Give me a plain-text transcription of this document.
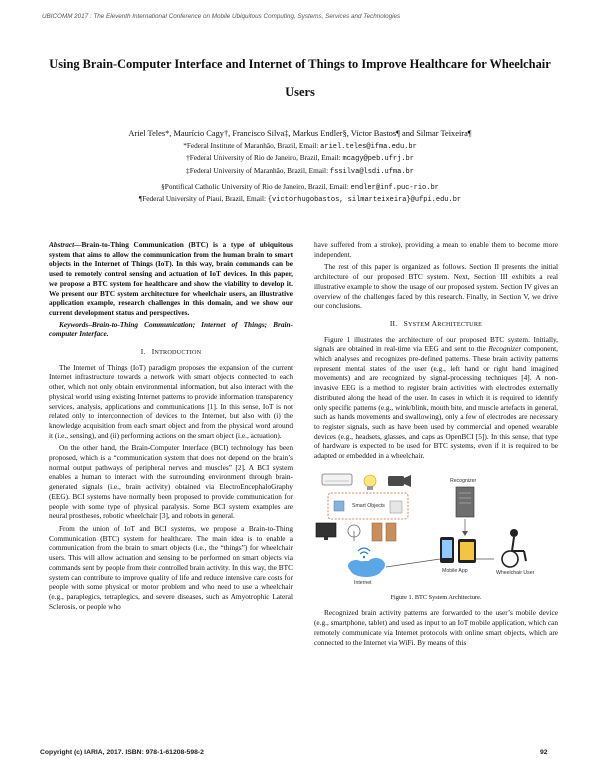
UBICOMM 2017 : The Eleventh International Conference on Mobile Ubiquitous Computing, Systems, Services and Technologies
Using Brain-Computer Interface and Internet of Things to Improve Healthcare for Wheelchair Users
Ariel Teles*, Maurício Cagy†, Francisco Silva‡, Markus Endler§, Victor Bastos¶ and Silmar Teixeira¶
*Federal Institute of Maranhão, Brazil, Email: ariel.teles@ifma.edu.br
†Federal University of Rio de Janeiro, Brazil, Email: mcagy@peb.ufrj.br
‡Federal University of Maranhão, Brazil, Email: fssilva@lsdi.ufma.br
§Pontifical Catholic University of Rio de Janeiro, Brazil, Email: endler@inf.puc-rio.br
¶Federal University of Piauí, Brazil, Email: {victorhugobastos, silmarteixeira}@ufpi.edu.br

Abstract—Brain-to-Thing Communication (BTC) is a type of ubiquitous system that aims to allow the communication from the human brain to smart objects in the Internet of Things (IoT). In this way, brain commands can be used to remotely control sensing and actuation of IoT devices. In this paper, we propose a BTC system for healthcare and show the viability to develop it. We present our BTC system architecture for wheelchair users, an illustrative application example, research challenges in this domain, and we show our current development status and perspectives.

Keywords–Brain-to-Thing Communication; Internet of Things; Brain-computer Interface.

I. INTRODUCTION

The Internet of Things (IoT) paradigm proposes the expansion of the current Internet infrastructure towards a network with smart objects connected to each other, which not only obtain environmental information, but also interact with the physical world using existing Internet patterns to provide information transparency services, analysis, applications and communications [1]. In this sense, IoT is not related only to interconnection of devices to the Internet, but also with (i) the knowledge acquisition from each smart object and from the physical word around it (i.e., sensing), and (ii) performing actions on the smart object (i.e., actuation).

On the other hand, the Brain-Computer Interface (BCI) technology has been proposed, which is a “communication system that does not depend on the brain’s normal output pathways of peripheral nerves and muscles” [2]. A BCI system enables a human to interact with the surrounding environment through brain-generated signals (i.e., brain activity) obtained via ElectroEncephaloGraphy (EEG). BCI systems have normally been proposed to provide communication for people with some type of physical paralysis. Some BCI system examples are neural prostheses, robotic wheelchair [3], and robots in general.

From the union of IoT and BCI systems, we propose a Brain-to-Thing Communication (BTC) system for healthcare. The main idea is to enable a communication from the brain to smart objects (i.e., the “things”) for wheelchair users. This will allow actuation and sensing to be performed on smart objects via commands sent by people from their controlled brain activity. In this way, the BTC system can contribute to improve quality of life and reduce intensive care costs for people with some physical or motor problem and who need to use a wheelchair (e.g., paraplegics, tetraplegics, and severe diseases, such as Amyotrophic Lateral Sclerosis, or people who

have suffered from a stroke), providing a mean to enable them to become more independent.

The rest of this paper is organized as follows. Section II presents the initial architecture of our proposed BTC system. Next, Section III exhibits a real illustrative example to show the usage of our proposed system. Section IV gives an overview of the challenges faced by this research. Finally, in Section V, we drive our conclusions.

II. SYSTEM ARCHITECTURE

Figure 1 illustrates the architecture of our proposed BTC system. Initially, signals are obtained in real-time via EEG and sent to the Recognizer component, which analyses and recognizes pre-defined patterns. These brain activity patterns represent mental states of the user (e.g., left hand or right hand imagined movements) and are recognized by signal-processing techniques [4]. A non-invasive EEG is a method to register brain activities with electrodes externally distributed along the head of the user. In cases in which it is required to identify only specific patterns (e.g., wink/blink, mouth bite, and muscle artefacts in general, such as hands movements and swallowing), only a few of electrodes are necessary to register signals, such as have been used by commercial and opened wearable devices (e.g., headsets, glasses, and caps as OpenBCI [5]). In this sense, that type of hardware is expected to be used for BTC systems, even if it is required to be adapted or embedded in a wheelchair.

Recognizer
Smart Objects
Internet
Mobile App	Wheelchair User
Figure 1. BTC System Architecture.

Recognized brain activity patterns are forwarded to the user’s mobile device (e.g., smartphone, tablet) and used as input to an IoT mobile application, which can remotely communicate via Internet protocols with online smart objects, which are connected to the Internet via WiFi. By means of this

Copyright (c) IARIA, 2017. ISBN: 978-1-61208-598-2	92
